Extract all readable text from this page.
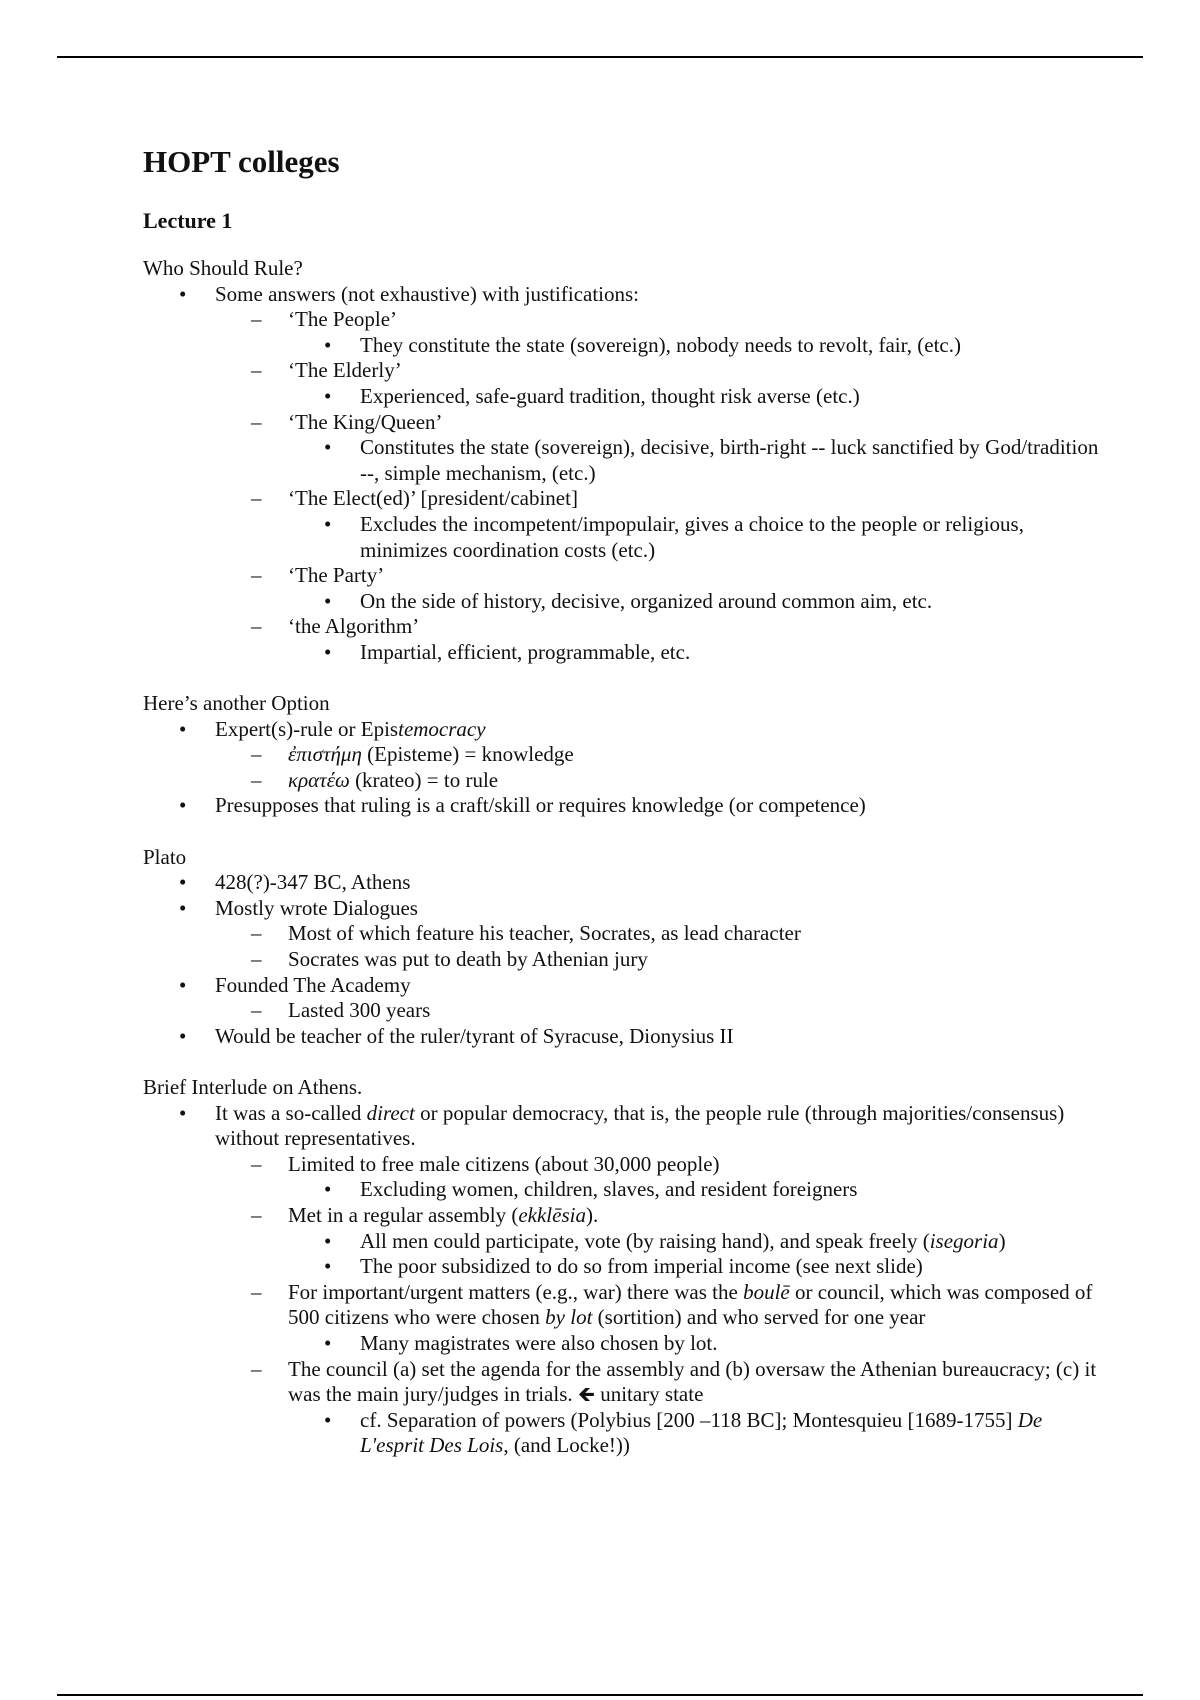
HOPT colleges
Lecture 1
Who Should Rule?
• Some answers (not exhaustive) with justifications:
– ‘The People’
• They constitute the state (sovereign), nobody needs to revolt, fair, (etc.)
– ‘The Elderly’
• Experienced, safe-guard tradition, thought risk averse (etc.)
– ‘The King/Queen’
• Constitutes the state (sovereign), decisive, birth-right -- luck sanctified by God/tradition --, simple mechanism, (etc.)
– ‘The Elect(ed)’ [president/cabinet]
• Excludes the incompetent/impopulair, gives a choice to the people or religious, minimizes coordination costs (etc.)
– ‘The Party’
• On the side of history, decisive, organized around common aim, etc.
– ‘the Algorithm’
• Impartial, efficient, programmable, etc.
Here’s another Option
• Expert(s)-rule or Epistemocracy
– ἐπιστήμη (Episteme) = knowledge
– κρατέω (krateo) = to rule
• Presupposes that ruling is a craft/skill or requires knowledge (or competence)
Plato
• 428(?)-347 BC, Athens
• Mostly wrote Dialogues
– Most of which feature his teacher, Socrates, as lead character
– Socrates was put to death by Athenian jury
• Founded The Academy
– Lasted 300 years
• Would be teacher of the ruler/tyrant of Syracuse, Dionysius II
Brief Interlude on Athens.
• It was a so-called direct or popular democracy, that is, the people rule (through majorities/consensus) without representatives.
– Limited to free male citizens (about 30,000 people)
• Excluding women, children, slaves, and resident foreigners
– Met in a regular assembly (ekklēsia).
• All men could participate, vote (by raising hand), and speak freely (isegoria)
• The poor subsidized to do so from imperial income (see next slide)
– For important/urgent matters (e.g., war) there was the boulē or council, which was composed of 500 citizens who were chosen by lot (sortition) and who served for one year
• Many magistrates were also chosen by lot.
– The council (a) set the agenda for the assembly and (b) oversaw the Athenian bureaucracy; (c) it was the main jury/judges in trials. 🡸 unitary state
• cf. Separation of powers (Polybius [200 –118 BC]; Montesquieu [1689-1755] De L'esprit Des Lois, (and Locke!))
